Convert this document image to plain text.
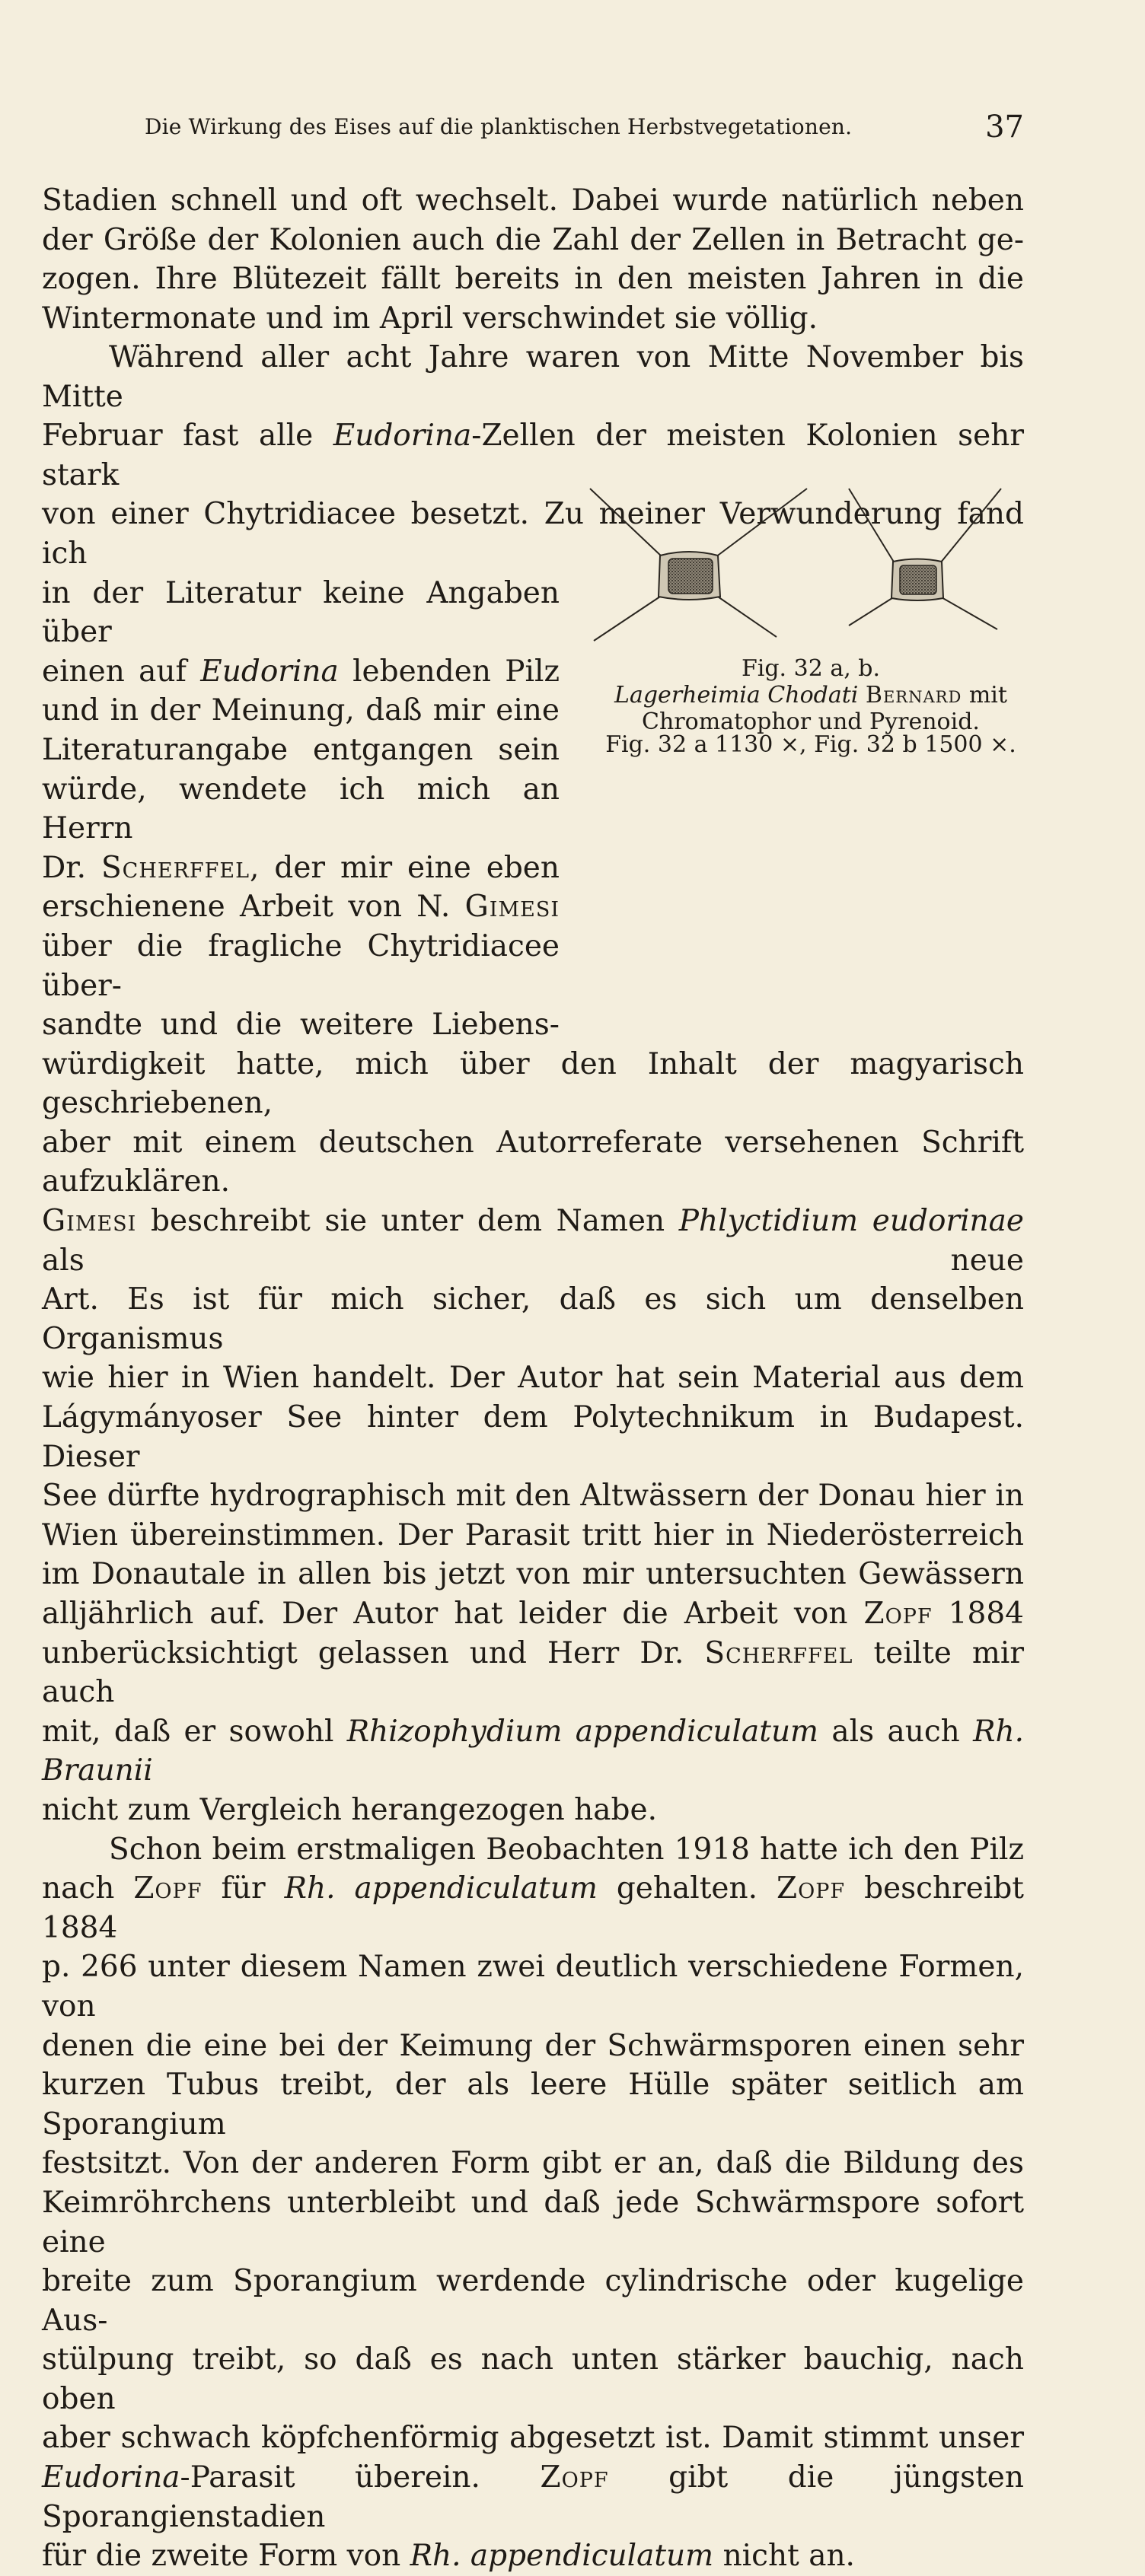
Die Wirkung des Eises auf die planktischen Herbstvegetationen.	37

Stadien schnell und oft wechselt. Dabei wurde natürlich neben

der Größe der Kolonien auch die Zahl der Zellen in Betracht ge-

zogen. Ihre Blütezeit fällt bereits in den meisten Jahren in die

Wintermonate und im April verschwindet sie völlig.

Während aller acht Jahre waren von Mitte November bis Mitte

Februar fast alle Eudorina-Zellen der meisten Kolonien sehr stark

von einer Chytridiacee besetzt. Zu meiner Verwunderung fand ich

in der Literatur keine Angaben über

einen auf Eudorina lebenden Pilz

und in der Meinung, daß mir eine

Literaturangabe entgangen sein

würde, wendete ich mich an Herrn

Dr. Scherffel, der mir eine eben

erschienene Arbeit von N. Gimesi

über die fragliche Chytridiacee über-

sandte und die weitere Liebens-

würdigkeit hatte, mich über den Inhalt der magyarisch geschriebenen,

aber mit einem deutschen Autorreferate versehenen Schrift aufzuklären.

Gimesi beschreibt sie unter dem Namen Phlyctidium eudorinae als neue

Art. Es ist für mich sicher, daß es sich um denselben Organismus

wie hier in Wien handelt. Der Autor hat sein Material aus dem

Lágymányoser See hinter dem Polytechnikum in Budapest. Dieser

See dürfte hydrographisch mit den Altwässern der Donau hier in

Wien übereinstimmen. Der Parasit tritt hier in Niederösterreich

im Donautale in allen bis jetzt von mir untersuchten Gewässern

alljährlich auf. Der Autor hat leider die Arbeit von Zopf 1884

unberücksichtigt gelassen und Herr Dr. Scherffel teilte mir auch

mit, daß er sowohl Rhizophydium appendiculatum als auch Rh. Braunii

nicht zum Vergleich herangezogen habe.

Schon beim erstmaligen Beobachten 1918 hatte ich den Pilz

nach Zopf für Rh. appendiculatum gehalten. Zopf beschreibt 1884

p. 266 unter diesem Namen zwei deutlich verschiedene Formen, von

denen die eine bei der Keimung der Schwärmsporen einen sehr

kurzen Tubus treibt, der als leere Hülle später seitlich am Sporangium

festsitzt. Von der anderen Form gibt er an, daß die Bildung des

Keimröhrchens unterbleibt und daß jede Schwärmspore sofort eine

breite zum Sporangium werdende cylindrische oder kugelige Aus-

stülpung treibt, so daß es nach unten stärker bauchig, nach oben

aber schwach köpfchenförmig abgesetzt ist. Damit stimmt unser

Eudorina-Parasit überein. Zopf gibt die jüngsten Sporangienstadien

für die zweite Form von Rh. appendiculatum nicht an.

Fig. 32 a, b.
Lagerheimia Chodati Bernard mit
Chromatophor und Pyrenoid.
Fig. 32 a 1130 ×, Fig. 32 b 1500 ×.
